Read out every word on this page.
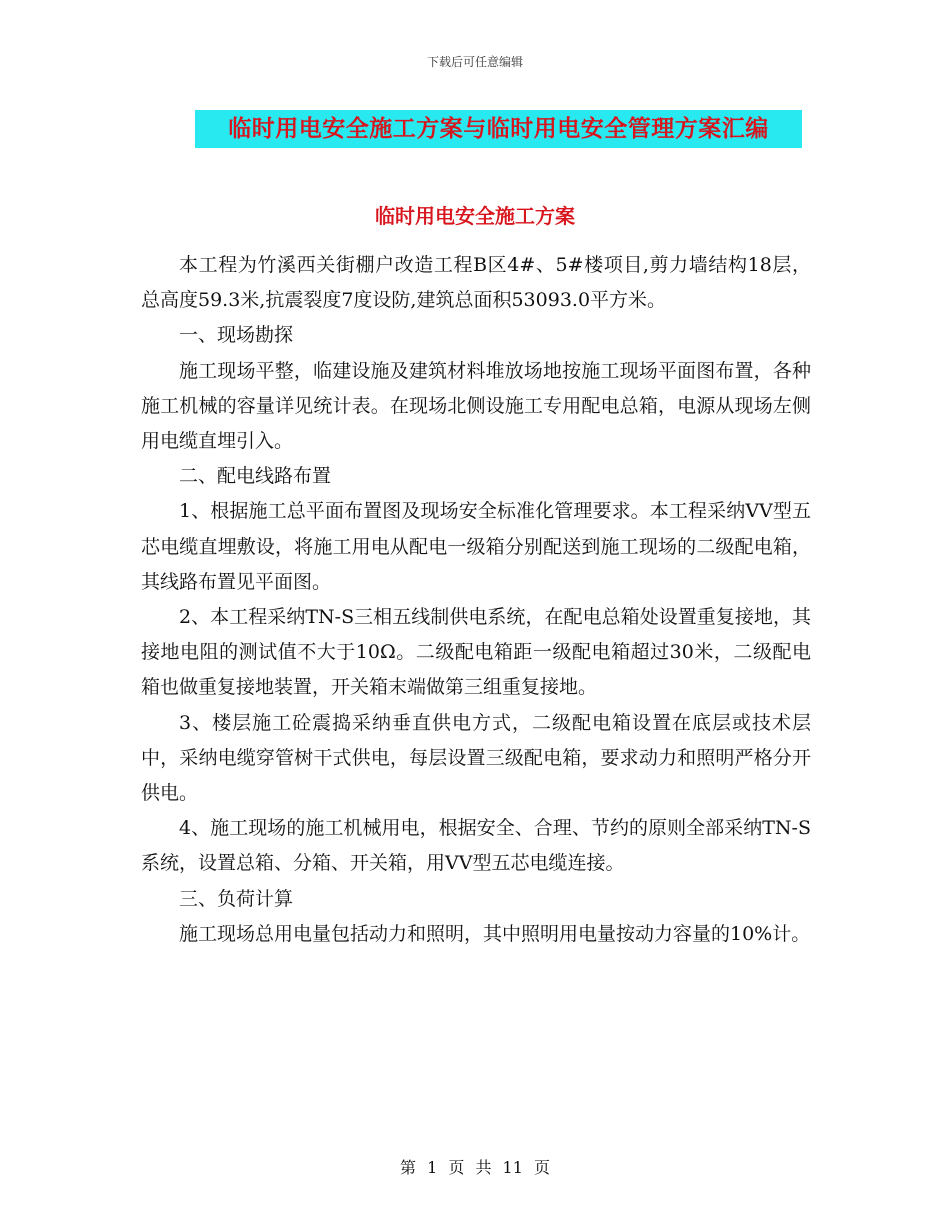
下载后可任意编辑
临时用电安全施工方案与临时用电安全管理方案汇编
临时用电安全施工方案

本工程为竹溪西关街棚户改造工程B区4#、5#楼项目,剪力墙结构18层，总高度59.3米,抗震裂度7度设防,建筑总面积53093.0平方米。

一、现场勘探

施工现场平整，临建设施及建筑材料堆放场地按施工现场平面图布置，各种施工机械的容量详见统计表。在现场北侧设施工专用配电总箱，电源从现场左侧用电缆直埋引入。

二、配电线路布置

1、根据施工总平面布置图及现场安全标准化管理要求。本工程采纳VV型五芯电缆直埋敷设，将施工用电从配电一级箱分别配送到施工现场的二级配电箱，其线路布置见平面图。

2、本工程采纳TN-S三相五线制供电系统，在配电总箱处设置重复接地，其接地电阻的测试值不大于10Ω。二级配电箱距一级配电箱超过30米，二级配电箱也做重复接地装置，开关箱末端做第三组重复接地。

3、楼层施工砼震捣采纳垂直供电方式，二级配电箱设置在底层或技术层中，采纳电缆穿管树干式供电，每层设置三级配电箱，要求动力和照明严格分开供电。

4、施工现场的施工机械用电，根据安全、合理、节约的原则全部采纳TN-S系统，设置总箱、分箱、开关箱，用VV型五芯电缆连接。

三、负荷计算

施工现场总用电量包括动力和照明，其中照明用电量按动力容量的10%计。

第 1 页 共 11 页
